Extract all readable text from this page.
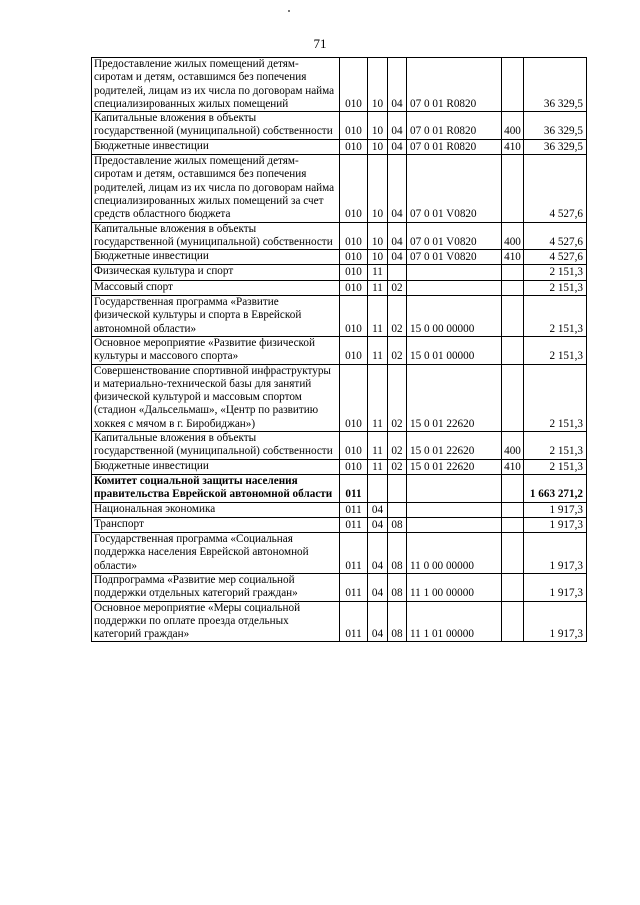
71
Предоставление жилых помещений детям-сиротам и детям, оставшимся без попечения родителей, лицам из их числа по договорам найма специализированных жилых помещений	010	10	04	07 0 01 R0820		36 329,5
Капитальные вложения в объекты государственной (муниципальной) собственности	010	10	04	07 0 01 R0820	400	36 329,5
Бюджетные инвестиции	010	10	04	07 0 01 R0820	410	36 329,5
Предоставление жилых помещений детям-сиротам и детям, оставшимся без попечения родителей, лицам из их числа по договорам найма специализированных жилых помещений за счет средств областного бюджета	010	10	04	07 0 01 V0820		4 527,6
Капитальные вложения в объекты государственной (муниципальной) собственности	010	10	04	07 0 01 V0820	400	4 527,6
Бюджетные инвестиции	010	10	04	07 0 01 V0820	410	4 527,6
Физическая культура и спорт	010	11				2 151,3
Массовый спорт	010	11	02			2 151,3
Государственная программа «Развитие физической культуры и спорта в Еврейской автономной области»	010	11	02	15 0 00 00000		2 151,3
Основное мероприятие «Развитие физической культуры и массового спорта»	010	11	02	15 0 01 00000		2 151,3
Совершенствование спортивной инфраструктуры и материально-технической базы для занятий физической культурой и массовым спортом (стадион «Дальсельмаш», «Центр по развитию хоккея с мячом в г. Биробиджан»)	010	11	02	15 0 01 22620		2 151,3
Капитальные вложения в объекты государственной (муниципальной) собственности	010	11	02	15 0 01 22620	400	2 151,3
Бюджетные инвестиции	010	11	02	15 0 01 22620	410	2 151,3
Комитет социальной защиты населения правительства Еврейской автономной области	011					1 663 271,2
Национальная экономика	011	04				1 917,3
Транспорт	011	04	08			1 917,3
Государственная программа «Социальная поддержка населения Еврейской автономной области»	011	04	08	11 0 00 00000		1 917,3
Подпрограмма «Развитие мер социальной поддержки отдельных категорий граждан»	011	04	08	11 1 00 00000		1 917,3
Основное мероприятие «Меры социальной поддержки по оплате проезда отдельных категорий граждан»	011	04	08	11 1 01 00000		1 917,3
